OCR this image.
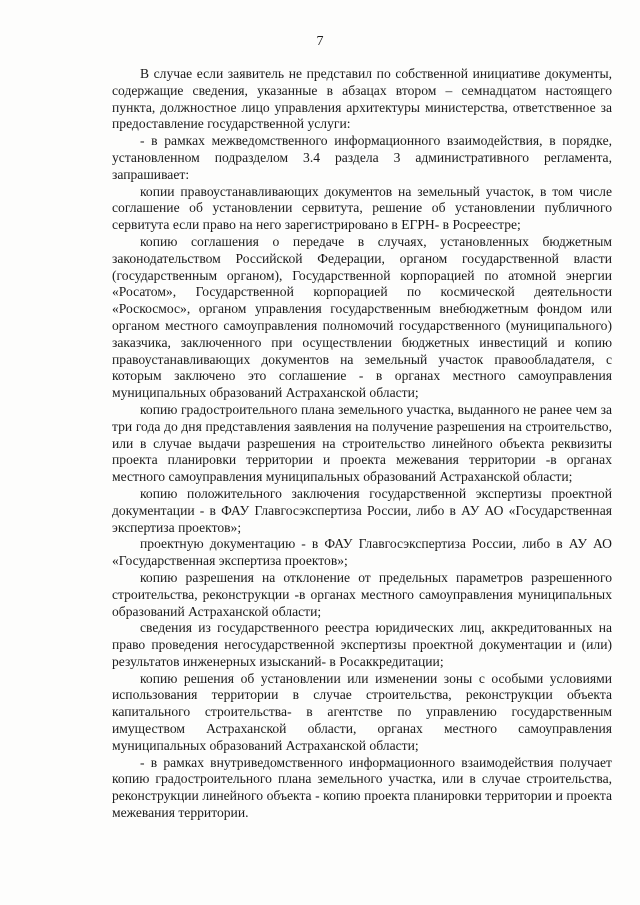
7

В случае если заявитель не представил по собственной инициативе документы, содержащие сведения, указанные в абзацах втором – семнадцатом настоящего пункта, должностное лицо управления архитектуры министерства, ответственное за предоставление государственной услуги:

- в рамках межведомственного информационного взаимодействия, в порядке, установленном подразделом 3.4 раздела 3 административного регламента, запрашивает:

копии правоустанавливающих документов на земельный участок, в том числе соглашение об установлении сервитута, решение об установлении публичного сервитута если право на него зарегистрировано в ЕГРН- в Росреестре;

копию соглашения о передаче в случаях, установленных бюджетным законодательством Российской Федерации, органом государственной власти (государственным органом), Государственной корпорацией по атомной энергии «Росатом», Государственной корпорацией по космической деятельности «Роскосмос», органом управления государственным внебюджетным фондом или органом местного самоуправления полномочий государственного (муниципального) заказчика, заключенного при осуществлении бюджетных инвестиций и копию правоустанавливающих документов на земельный участок правообладателя, с которым заключено это соглашение - в органах местного самоуправления муниципальных образований Астраханской области;

копию градостроительного плана земельного участка, выданного не ранее чем за три года до дня представления заявления на получение разрешения на строительство, или в случае выдачи разрешения на строительство линейного объекта реквизиты проекта планировки территории и проекта межевания территории -в органах местного самоуправления муниципальных образований Астраханской области;

копию положительного заключения государственной экспертизы проектной документации - в ФАУ Главгосэкспертиза России, либо в АУ АО «Государственная экспертиза проектов»;

проектную документацию - в ФАУ Главгосэкспертиза России, либо в АУ АО «Государственная экспертиза проектов»;

копию разрешения на отклонение от предельных параметров разрешенного строительства, реконструкции -в органах местного самоуправления муниципальных образований Астраханской области;

сведения из государственного реестра юридических лиц, аккредитованных на право проведения негосударственной экспертизы проектной документации и (или) результатов инженерных изысканий- в Росаккредитации;

копию решения об установлении или изменении зоны с особыми условиями использования территории в случае строительства, реконструкции объекта капитального строительства- в агентстве по управлению государственным имуществом Астраханской области, органах местного самоуправления муниципальных образований Астраханской области;

- в рамках внутриведомственного информационного взаимодействия получает копию градостроительного плана земельного участка, или в случае строительства, реконструкции линейного объекта - копию проекта планировки территории и проекта межевания территории.
